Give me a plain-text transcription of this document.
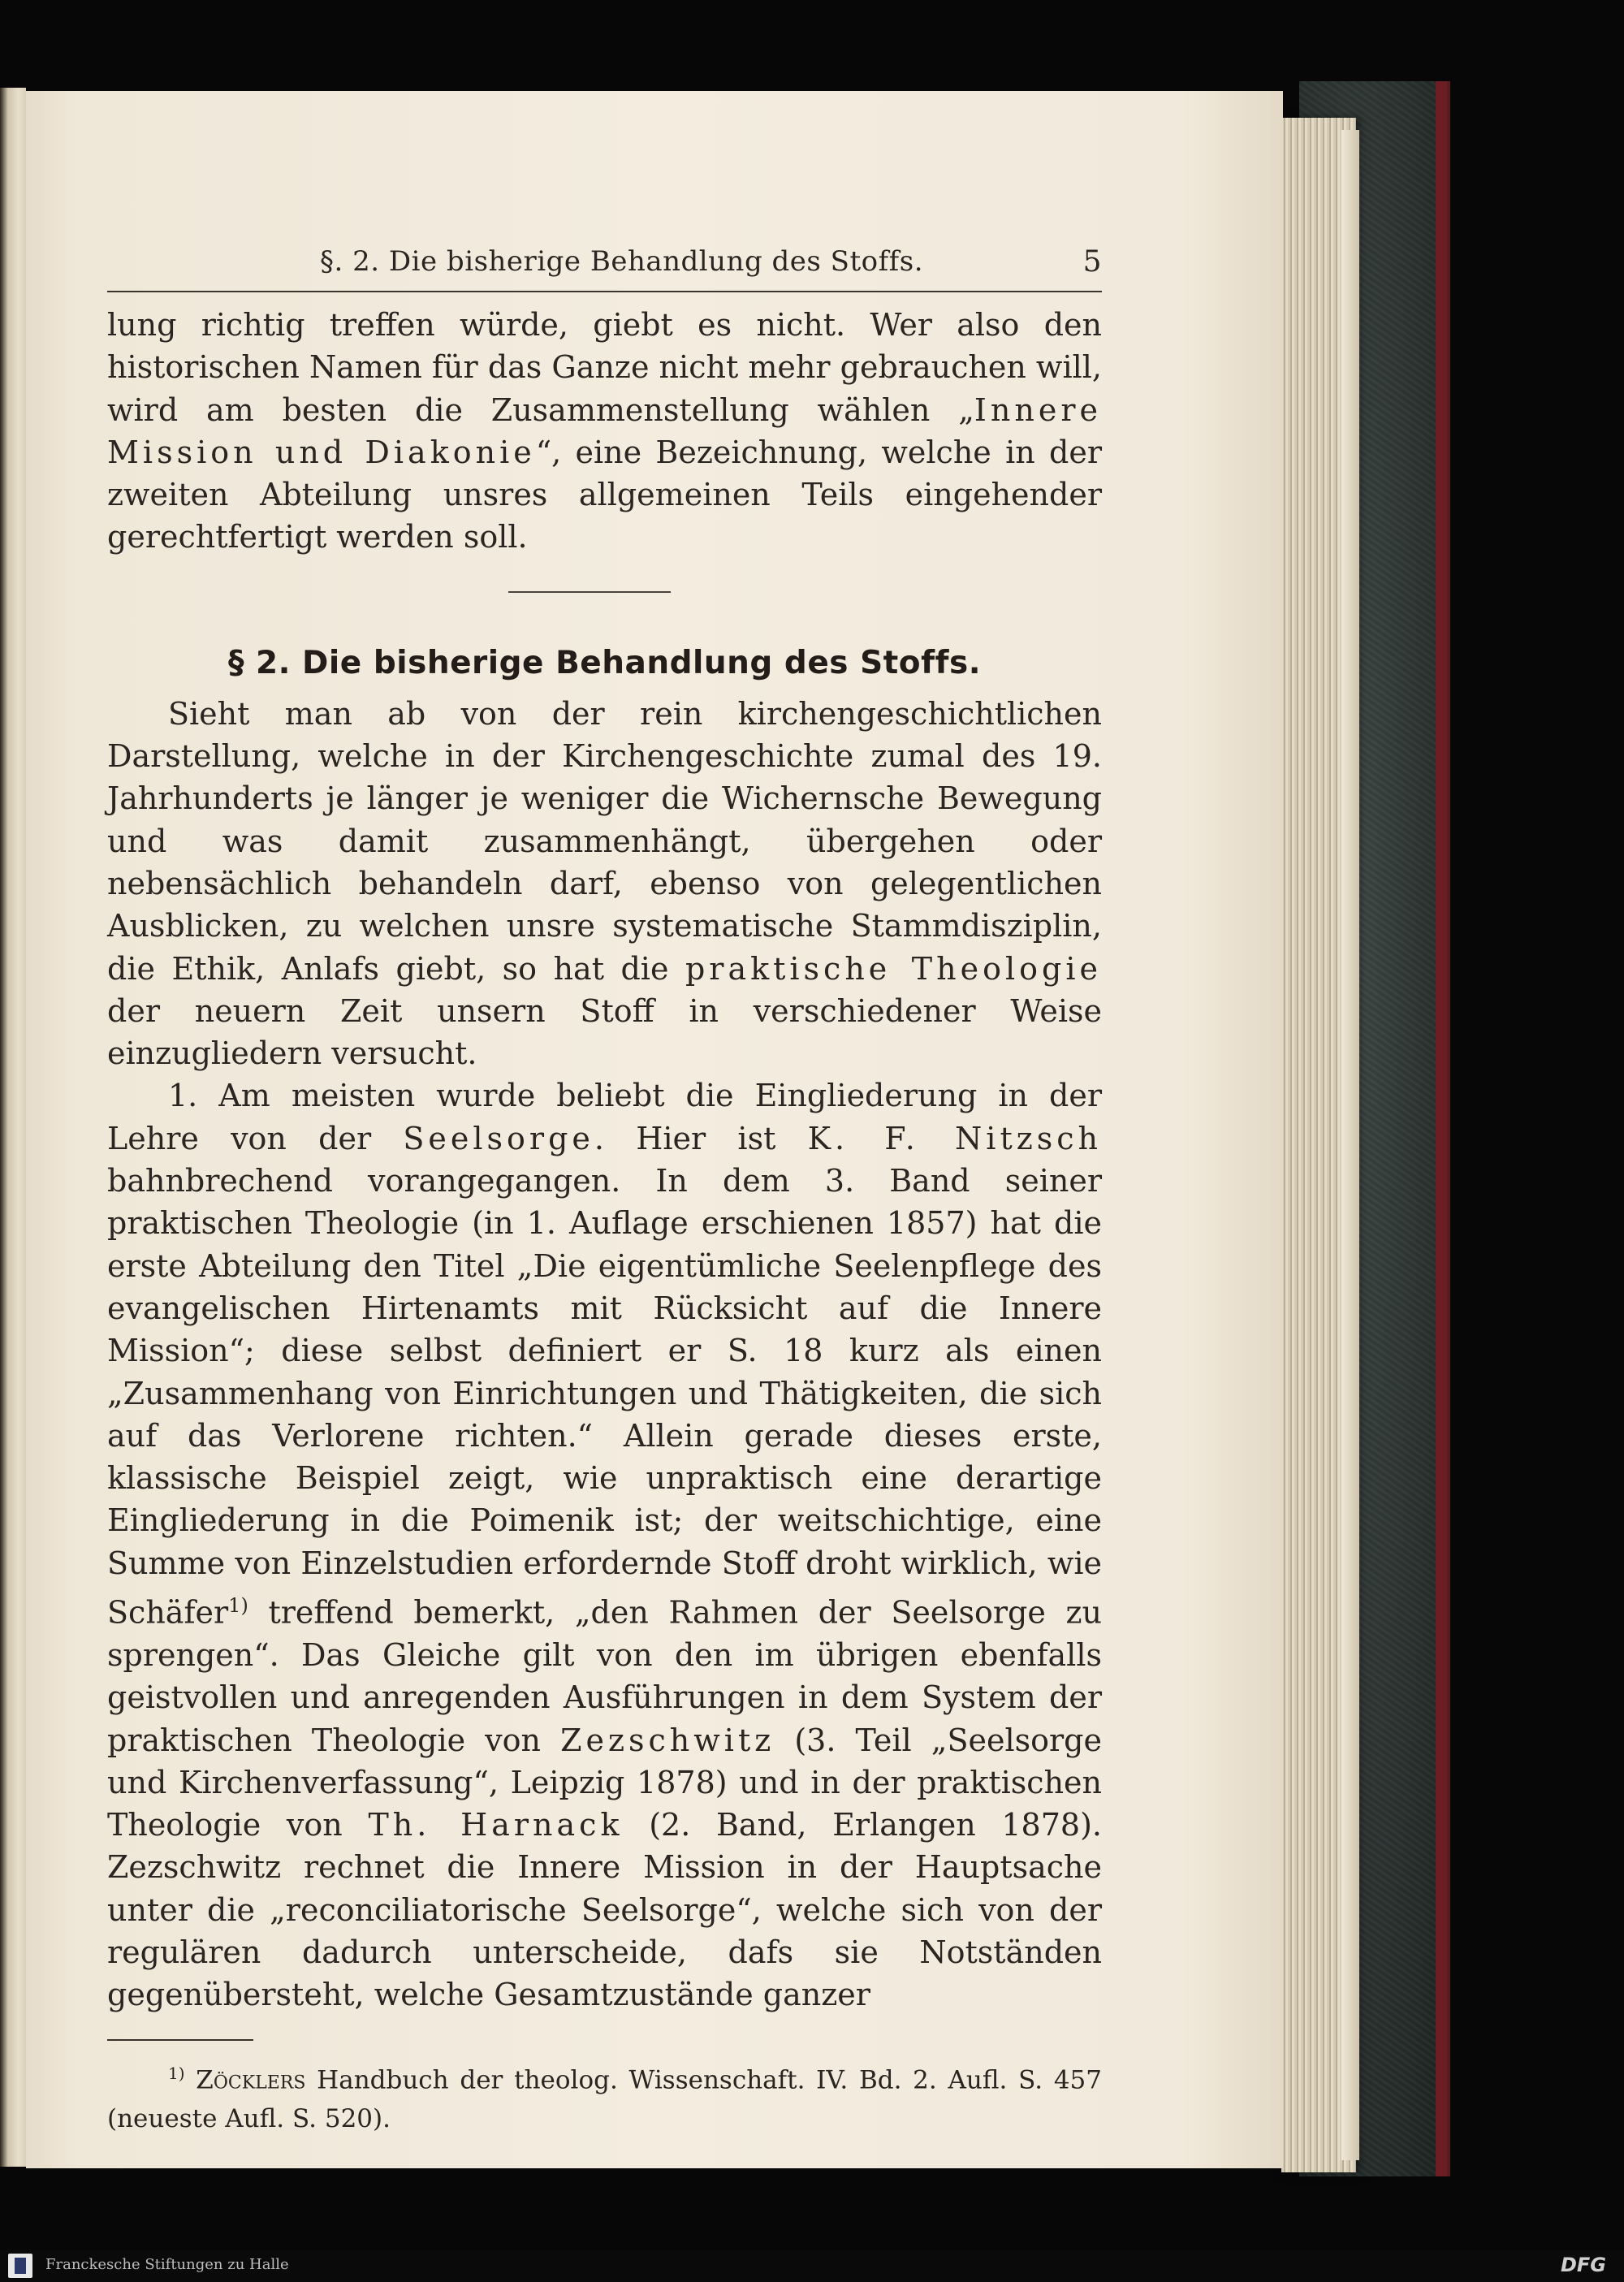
§. 2. Die bisherige Behandlung des Stoffs.	5

lung richtig treffen würde, giebt es nicht. Wer also den historischen Namen für das Ganze nicht mehr gebrauchen will, wird am besten die Zusammenstellung wählen „Innere Mission und Diakonie“, eine Bezeichnung, welche in der zweiten Abteilung unsres allgemeinen Teils eingehender gerechtfertigt werden soll.

§ 2. Die bisherige Behandlung des Stoffs.

Sieht man ab von der rein kirchengeschichtlichen Darstellung, welche in der Kirchengeschichte zumal des 19. Jahrhunderts je länger je weniger die Wichernsche Bewegung und was damit zusammenhängt, übergehen oder nebensächlich behandeln darf, ebenso von gelegentlichen Ausblicken, zu welchen unsre systematische Stammdisziplin, die Ethik, Anlafs giebt, so hat die praktische Theologie der neuern Zeit unsern Stoff in verschiedener Weise einzugliedern versucht.

1. Am meisten wurde beliebt die Eingliederung in der Lehre von der Seelsorge. Hier ist K. F. Nitzsch bahnbrechend vorangegangen. In dem 3. Band seiner praktischen Theologie (in 1. Auflage erschienen 1857) hat die erste Abteilung den Titel „Die eigentümliche Seelenpflege des evangelischen Hirtenamts mit Rücksicht auf die Innere Mission“; diese selbst definiert er S. 18 kurz als einen „Zusammenhang von Einrichtungen und Thätigkeiten, die sich auf das Verlorene richten.“ Allein gerade dieses erste, klassische Beispiel zeigt, wie unpraktisch eine derartige Eingliederung in die Poimenik ist; der weitschichtige, eine Summe von Einzelstudien erfordernde Stoff droht wirklich, wie Schäfer$^{1)}$ treffend bemerkt, „den Rahmen der Seelsorge zu sprengen“. Das Gleiche gilt von den im übrigen ebenfalls geistvollen und anregenden Ausführungen in dem System der praktischen Theologie von Zezschwitz (3. Teil „Seelsorge und Kirchenverfassung“, Leipzig 1878) und in der praktischen Theologie von Th. Harnack (2. Band, Erlangen 1878). Zezschwitz rechnet die Innere Mission in der Hauptsache unter die „reconciliatorische Seelsorge“, welche sich von der regulären dadurch unterscheide, dafs sie Notständen gegenübersteht, welche Gesamtzustände ganzer

$^{1)}$ Zöcklers Handbuch der theolog. Wissenschaft. IV. Bd. 2. Aufl. S. 457 (neueste Aufl. S. 520).

Franckesche Stiftungen zu Halle	DFG
